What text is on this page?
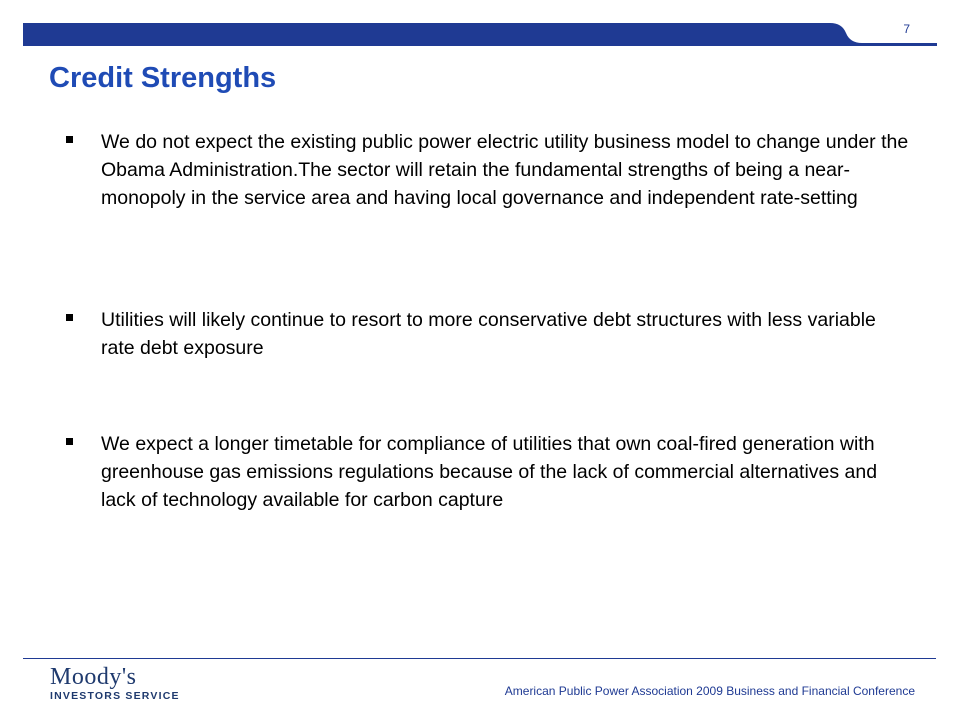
7
Credit Strengths
We do not expect the existing public power electric utility business model to change under the Obama Administration.The sector will retain the fundamental strengths of being a near-monopoly in the service area and having local governance and independent rate-setting
Utilities will likely continue to resort to more conservative debt structures with less variable rate debt exposure
We expect a longer timetable for compliance of utilities that own coal-fired generation with greenhouse gas emissions regulations because of the lack of commercial alternatives and lack of technology available for carbon capture
Moody's
INVESTORS SERVICE	American Public Power Association 2009 Business and Financial Conference
